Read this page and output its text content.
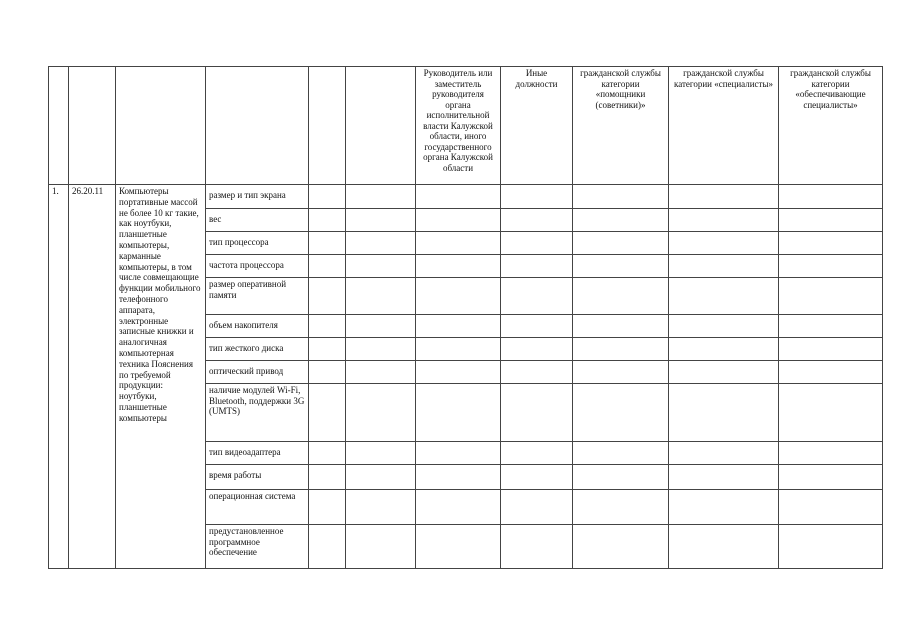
						Руководитель или заместитель руководителя органа исполнительной власти Калужской области, иного государственного органа Калужской области	Иные должности	гражданской службы категории «помощники (советники)»	гражданской службы категории «специалисты»	гражданской службы категории «обеспечивающие специалисты»
1.	26.20.11	Компьютеры портативные массой не более 10 кг такие, как ноутбуки, планшетные компьютеры, карманные компьютеры, в том числе совмещающие функции мобильного телефонного аппарата, электронные записные книжки и аналогичная компьютерная техника Пояснения по требуемой продукции: ноутбуки, планшетные компьютеры	размер и тип экрана							
			вес							
			тип процессора							
			частота процессора							
			размер оперативной памяти							
			объем накопителя							
			тип жесткого диска							
			оптический привод							
			наличие модулей Wi-Fi, Bluetooth, поддержки 3G (UMTS)							
			тип видеоадаптера							
			время работы							
			операционная система							
			предустановленное программное обеспечение							
